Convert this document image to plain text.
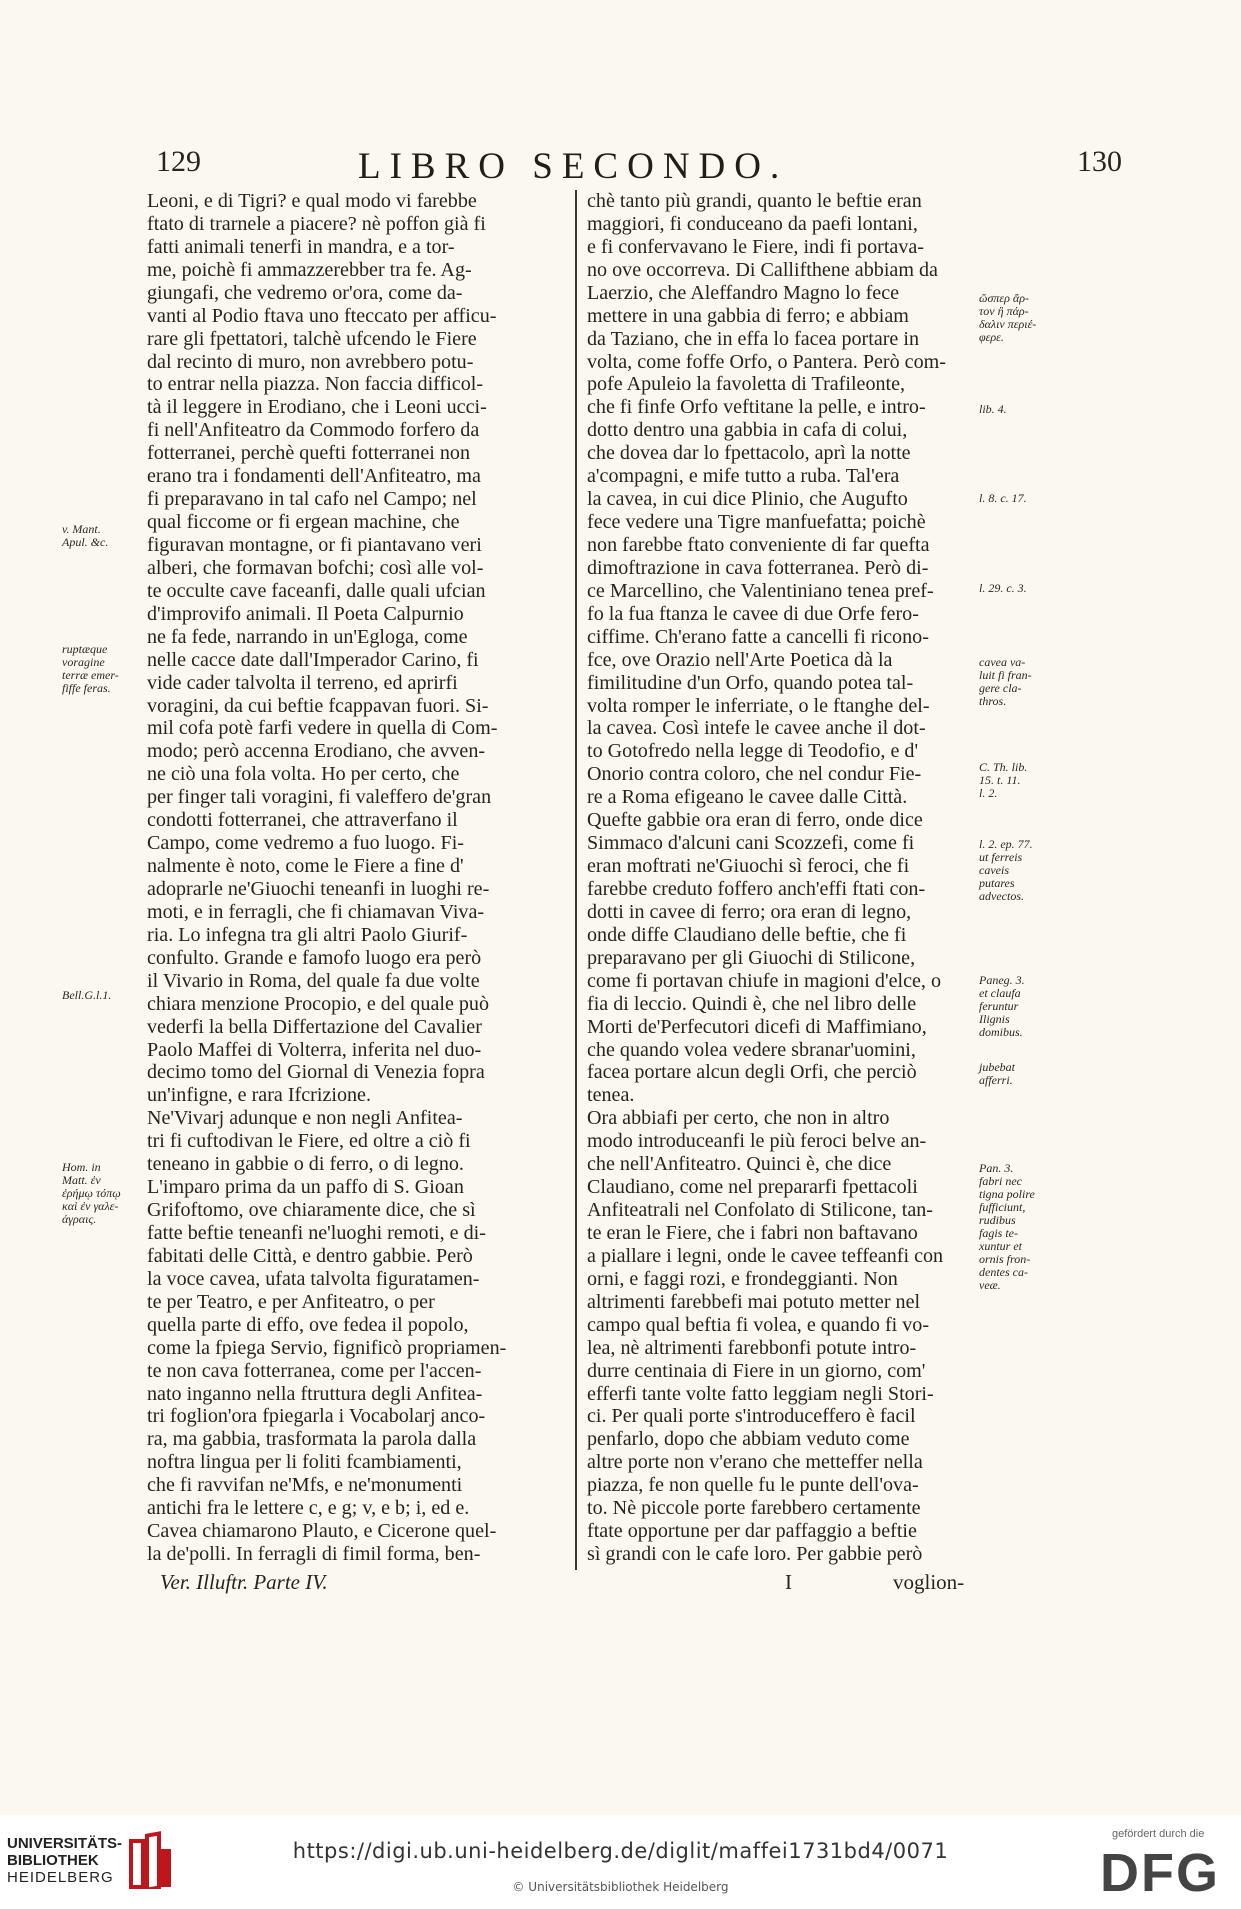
129	LIBRO SECONDO.	130
Leoni, e di Tigri? e qual modo vi farebbe
ftato di trarnele a piacere? nè poffon già fi
fatti animali tenerfi in mandra, e a tor-
me, poichè fi ammazzerebber tra fe. Ag-
giungafi, che vedremo or'ora, come da-
vanti al Podio ftava uno fteccato per afficu-
rare gli fpettatori, talchè ufcendo le Fiere
dal recinto di muro, non avrebbero potu-
to entrar nella piazza. Non faccia difficol-
tà il leggere in Erodiano, che i Leoni ucci-
fi nell'Anfiteatro da Commodo forfero da
fotterranei, perchè quefti fotterranei non
erano tra i fondamenti dell'Anfiteatro, ma
fi preparavano in tal cafo nel Campo; nel
qual ficcome or fi ergean machine, che
figuravan montagne, or fi piantavano veri
alberi, che formavan bofchi; così alle vol-
te occulte cave faceanfi, dalle quali ufcian
d'improvifo animali. Il Poeta Calpurnio
ne fa fede, narrando in un'Egloga, come
nelle cacce date dall'Imperador Carino, fi
vide cader talvolta il terreno, ed aprirfi
voragini, da cui beftie fcappavan fuori. Si-
mil cofa potè farfi vedere in quella di Com-
modo; però accenna Erodiano, che avven-
ne ciò una fola volta. Ho per certo, che
per finger tali voragini, fi valeffero de'gran
condotti fotterranei, che attraverfano il
Campo, come vedremo a fuo luogo. Fi-
nalmente è noto, come le Fiere a fine d'
adoprarle ne'Giuochi teneanfi in luoghi re-
moti, e in ferragli, che fi chiamavan Viva-
ria. Lo infegna tra gli altri Paolo Giurif-
confulto. Grande e famofo luogo era però
il Vivario in Roma, del quale fa due volte
chiara menzione Procopio, e del quale può
vederfi la bella Differtazione del Cavalier
Paolo Maffei di Volterra, inferita nel duo-
decimo tomo del Giornal di Venezia fopra
un'infigne, e rara Ifcrizione.
Ne'Vivarj adunque e non negli Anfitea-
tri fi cuftodivan le Fiere, ed oltre a ciò fi
teneano in gabbie o di ferro, o di legno.
L'imparo prima da un paffo di S. Gioan
Grifoftomo, ove chiaramente dice, che sì
fatte beftie teneanfi ne'luoghi remoti, e di-
fabitati delle Città, e dentro gabbie. Però
la voce cavea, ufata talvolta figuratamen-
te per Teatro, e per Anfiteatro, o per
quella parte di effo, ove fedea il popolo,
come la fpiega Servio, fignificò propriamen-
te non cava fotterranea, come per l'accen-
nato inganno nella ftruttura degli Anfitea-
tri foglion'ora fpiegarla i Vocabolarj anco-
ra, ma gabbia, trasformata la parola dalla
noftra lingua per li foliti fcambiamenti,
che fi ravvifan ne'Mfs, e ne'monumenti
antichi fra le lettere c, e g; v, e b; i, ed e.
Cavea chiamarono Plauto, e Cicerone quel-
la de'polli. In ferragli di fimil forma, ben-
Ver. Illuftr. Parte IV.
chè tanto più grandi, quanto le beftie eran
maggiori, fi conduceano da paefi lontani,
e fi confervavano le Fiere, indi fi portava-
no ove occorreva. Di Callifthene abbiam da
Laerzio, che Aleffandro Magno lo fece
mettere in una gabbia di ferro; e abbiam
da Taziano, che in effa lo facea portare in
volta, come foffe Orfo, o Pantera. Però com-
pofe Apuleio la favoletta di Trafileonte,
che fi finfe Orfo veftitane la pelle, e intro-
dotto dentro una gabbia in cafa di colui,
che dovea dar lo fpettacolo, aprì la notte
a'compagni, e mife tutto a ruba. Tal'era
la cavea, in cui dice Plinio, che Augufto
fece vedere una Tigre manfuefatta; poichè
non farebbe ftato conveniente di far quefta
dimoftrazione in cava fotterranea. Però di-
ce Marcellino, che Valentiniano tenea pref-
fo la fua ftanza le cavee di due Orfe fero-
ciffime. Ch'erano fatte a cancelli fi ricono-
fce, ove Orazio nell'Arte Poetica dà la
fimilitudine d'un Orfo, quando potea tal-
volta romper le inferriate, o le ftanghe del-
la cavea. Così intefe le cavee anche il dot-
to Gotofredo nella legge di Teodofio, e d'
Onorio contra coloro, che nel condur Fie-
re a Roma efigeano le cavee dalle Città.
Quefte gabbie ora eran di ferro, onde dice
Simmaco d'alcuni cani Scozzefi, come fi
eran moftrati ne'Giuochi sì feroci, che fi
farebbe creduto foffero anch'effi ftati con-
dotti in cavee di ferro; ora eran di legno,
onde diffe Claudiano delle beftie, che fi
preparavano per gli Giuochi di Stilicone,
come fi portavan chiufe in magioni d'elce, o
fia di leccio. Quindi è, che nel libro delle
Morti de'Perfecutori dicefi di Maffimiano,
che quando volea vedere sbranar'uomini,
facea portare alcun degli Orfi, che perciò
tenea.
Ora abbiafi per certo, che non in altro
modo introduceanfi le più feroci belve an-
che nell'Anfiteatro. Quinci è, che dice
Claudiano, come nel prepararfi fpettacoli
Anfiteatrali nel Confolato di Stilicone, tan-
te eran le Fiere, che i fabri non baftavano
a piallare i legni, onde le cavee teffeanfi con
orni, e faggi rozi, e frondeggianti. Non
altrimenti farebbefi mai potuto metter nel
campo qual beftia fi volea, e quando fi vo-
lea, nè altrimenti farebbonfi potute intro-
durre centinaia di Fiere in un giorno, com'
efferfi tante volte fatto leggiam negli Stori-
ci. Per quali porte s'introduceffero è facil
penfarlo, dopo che abbiam veduto come
altre porte non v'erano che metteffer nella
piazza, fe non quelle fu le punte dell'ova-
to. Nè piccole porte farebbero certamente
ftate opportune per dar paffaggio a beftie
sì grandi con le cafe loro. Per gabbie però
I	voglion-
v. Mant.
Apul. &c.
ruptæque
voragine
terræ emer-
fiffe feras.
Bell.G.l.1.
Hom. in
Matt. ἐν
ἐρήμῳ τόπῳ
καὶ ἐν γαλε-
άγραις.
ὥσπερ ἄρ-
τον ἢ πάρ-
δαλιν περιέ-
φερε.
lib. 4.
l. 8. c. 17.
l. 29. c. 3.
cavea va-
luit fi fran-
gere cla-
thros.
C. Th. lib.
15. t. 11.
l. 2.
l. 2. ep. 77.
ut ferreis
caveis
putares
advectos.
Paneg. 3.
et claufa
feruntur
Ilignis
domibus.
jubebat
afferri.
Pan. 3.
fabri nec
tigna polire
fufficiunt,
rudibus
fagis te-
xuntur et
ornis fron-
dentes ca-
veæ.
UNIVERSITÄTS-
BIBLIOTHEK
HEIDELBERG
https://digi.ub.uni-heidelberg.de/diglit/maffei1731bd4/0071
© Universitätsbibliothek Heidelberg
gefördert durch die
DFG
